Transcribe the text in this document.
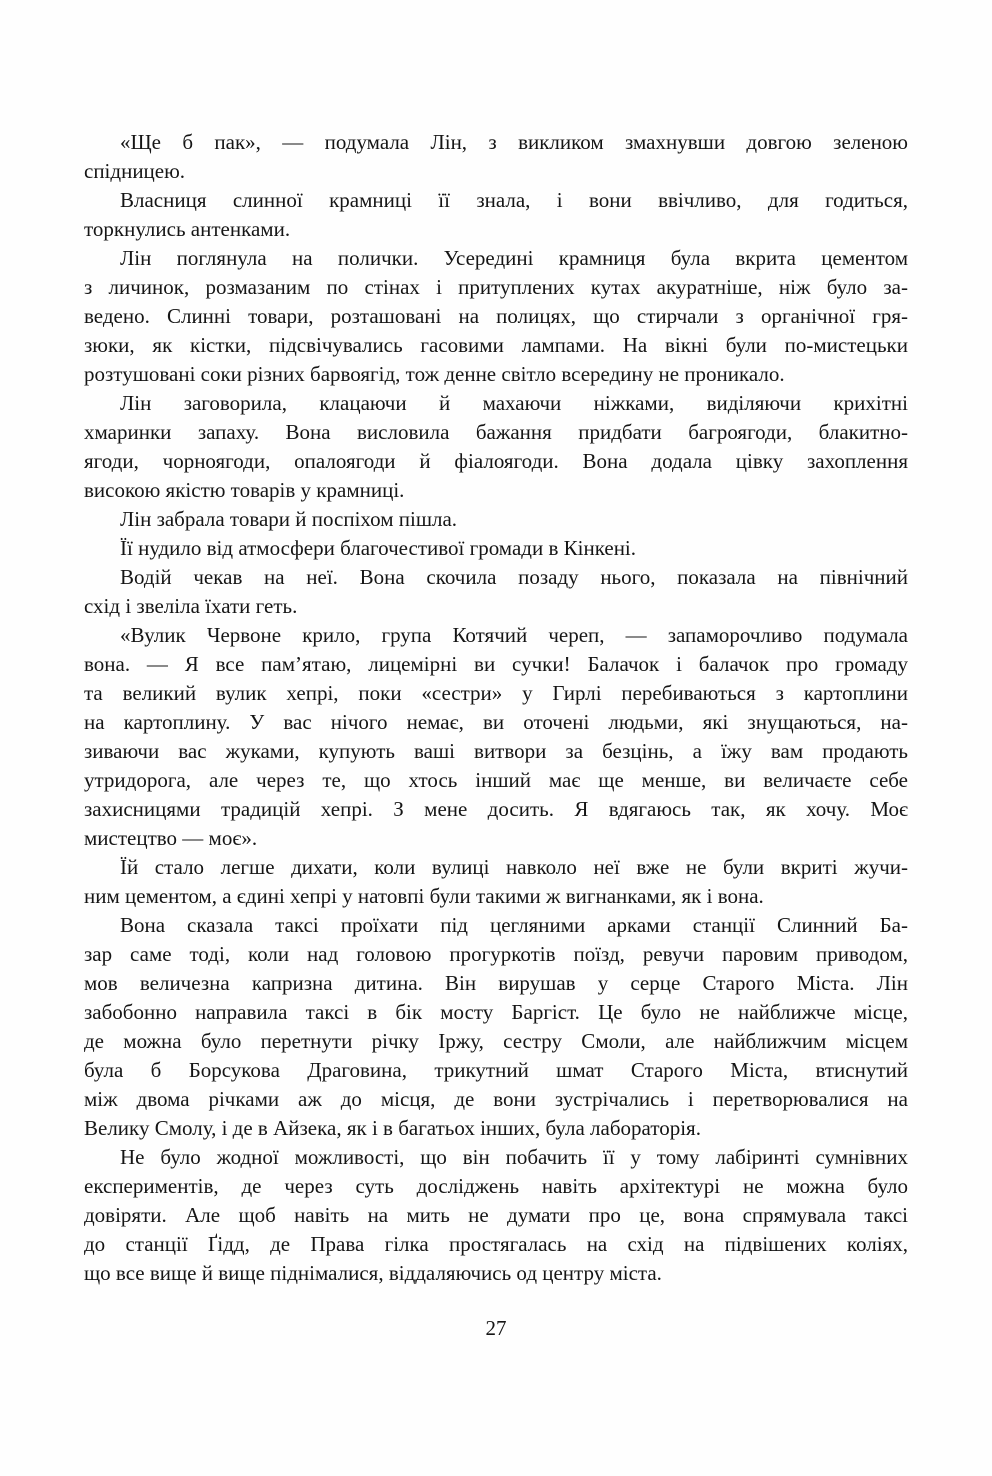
«Ще б пак», — подумала Лін, з викликом змахнувши довгою зеленою
спідницею.
Власниця слинної крамниці її знала, і вони ввічливо, для годиться,
торкнулись антенками.
Лін поглянула на полички. Усередині крамниця була вкрита цементом
з личинок, розмазаним по стінах і притуплених кутах акуратніше, ніж було за-
ведено. Слинні товари, розташовані на полицях, що стирчали з органічної гря-
зюки, як кістки, підсвічувались гасовими лампами. На вікні були по-мистецьки
розтушовані соки різних барвоягід, тож денне світло всередину не проникало.
Лін заговорила, клацаючи й махаючи ніжками, виділяючи крихітні
хмаринки запаху. Вона висловила бажання придбати багроягоди, блакитно-
ягоди, чорноягоди, опалоягоди й фіалоягоди. Вона додала цівку захоплення
високою якістю товарів у крамниці.
Лін забрала товари й поспіхом пішла.
Її нудило від атмосфери благочестивої громади в Кінкені.
Водій чекав на неї. Вона скочила позаду нього, показала на північний
схід і звеліла їхати геть.
«Вулик Червоне крило, група Котячий череп, — запаморочливо подумала
вона. — Я все пам’ятаю, лицемірні ви сучки! Балачок і балачок про громаду
та великий вулик хепрі, поки «сестри» у Гирлі перебиваються з картоплини
на картоплину. У вас нічого немає, ви оточені людьми, які знущаються, на-
зиваючи вас жуками, купують ваші витвори за безцінь, а їжу вам продають
утридорога, але через те, що хтось інший має ще менше, ви величаєте себе
захисницями традицій хепрі. З мене досить. Я вдягаюсь так, як хочу. Моє
мистецтво — моє».
Їй стало легше дихати, коли вулиці навколо неї вже не були вкриті жучи-
ним цементом, а єдині хепрі у натовпі були такими ж вигнанками, як і вона.
Вона сказала таксі проїхати під цегляними арками станції Слинний Ба-
зар саме тоді, коли над головою прогуркотів поїзд, ревучи паровим приводом,
мов величезна капризна дитина. Він вирушав у серце Старого Міста. Лін
забобонно направила таксі в бік мосту Баргіст. Це було не найближче місце,
де можна було перетнути річку Іржу, сестру Смоли, але найближчим місцем
була б Борсукова Драговина, трикутний шмат Старого Міста, втиснутий
між двома річками аж до місця, де вони зустрічались і перетворювалися на
Велику Смолу, і де в Айзека, як і в багатьох інших, була лабораторія.
Не було жодної можливості, що він побачить її у тому лабіринті сумнівних
експериментів, де через суть досліджень навіть архітектурі не можна було
довіряти. Але щоб навіть на мить не думати про це, вона спрямувала таксі
до станції Ґідд, де Права гілка простягалась на схід на підвішених коліях,
що все вище й вище піднімалися, віддаляючись од центру міста.
27
